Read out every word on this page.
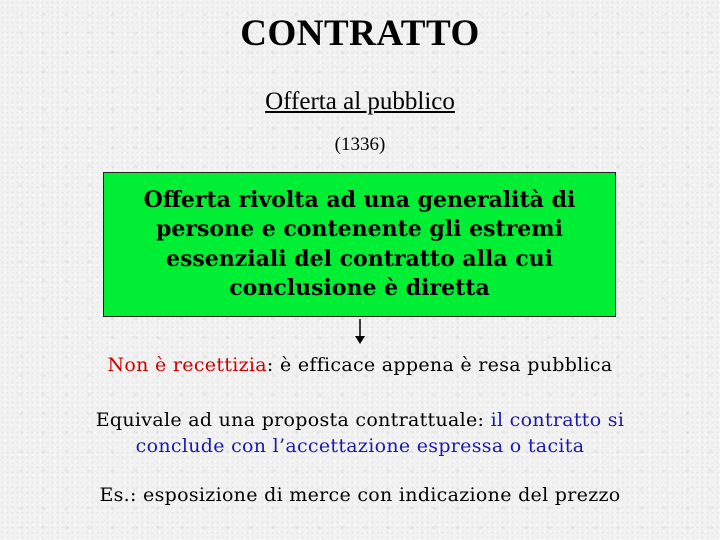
CONTRATTO
Offerta al pubblico
(1336)
Offerta rivolta ad una generalità di persone e contenente gli estremi essenziali del contratto alla cui conclusione è diretta
Non è recettizia: è efficace appena è resa pubblica
Equivale ad una proposta contrattuale: il contratto si
conclude con l’accettazione espressa o tacita
Es.: esposizione di merce con indicazione del prezzo
